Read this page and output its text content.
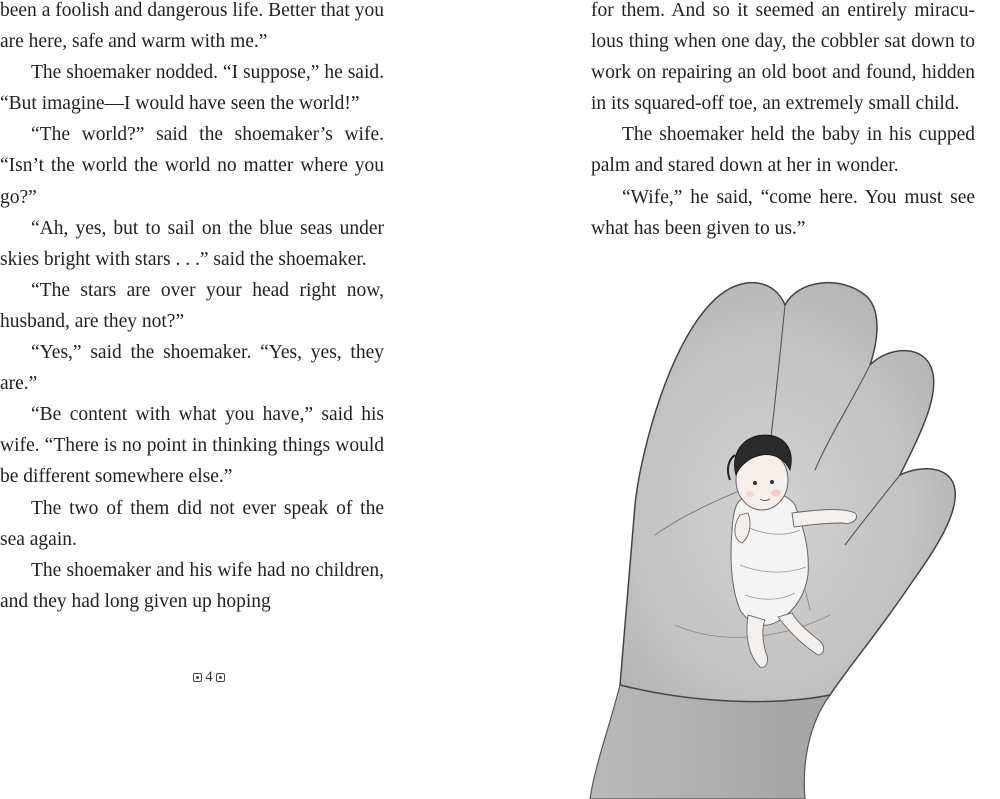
been a foolish and dangerous life. Better that you are here, safe and warm with me.”

The shoemaker nodded. “I suppose,” he said. “But imagine—I would have seen the world!”

“The world?” said the shoemaker’s wife. “Isn’t the world the world no matter where you go?”

“Ah, yes, but to sail on the blue seas under skies bright with stars . . .” said the shoemaker.

“The stars are over your head right now, husband, are they not?”

“Yes,” said the shoemaker. “Yes, yes, they are.”

“Be content with what you have,” said his wife. “There is no point in thinking things would be different somewhere else.”

The two of them did not ever speak of the sea again.

The shoemaker and his wife had no children, and they had long given up hoping

4

for them. And so it seemed an entirely miraculous thing when one day, the cobbler sat down to work on repairing an old boot and found, hidden in its squared-off toe, an extremely small child.

The shoemaker held the baby in his cupped palm and stared down at her in wonder.

“Wife,” he said, “come here. You must see what has been given to us.”
